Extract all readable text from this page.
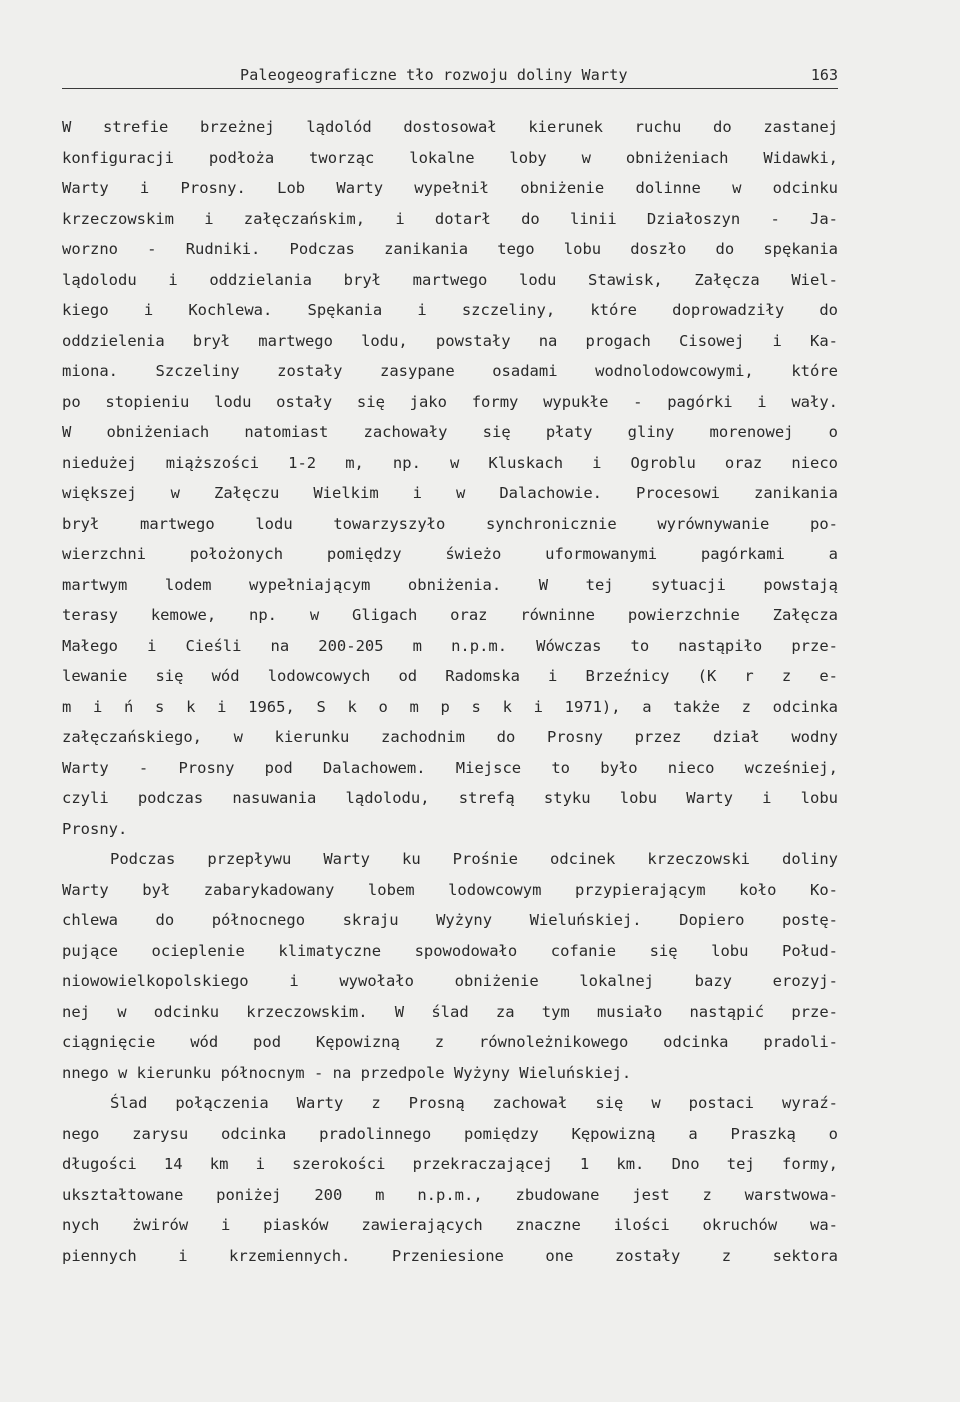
Paleogeograficzne tło rozwoju doliny Warty	163
W strefie brzeżnej lądolód dostosował kierunek ruchu do zastanej
konfiguracji podłoża tworząc lokalne loby w obniżeniach Widawki,
Warty i Prosny. Lob Warty wypełnił obniżenie dolinne w odcinku
krzeczowskim i załęczańskim, i dotarł do linii Działoszyn - Ja-
worzno - Rudniki. Podczas zanikania tego lobu doszło do spękania
lądolodu i oddzielania brył martwego lodu Stawisk, Załęcza Wiel-
kiego i Kochlewa. Spękania i szczeliny, które doprowadziły do
oddzielenia brył martwego lodu, powstały na progach Cisowej i Ka-
miona. Szczeliny zostały zasypane osadami wodnolodowcowymi, które
po stopieniu lodu ostały się jako formy wypukłe - pagórki i wały.
W obniżeniach natomiast zachowały się płaty gliny morenowej o
niedużej miąższości 1-2 m, np. w Kluskach i Ogroblu oraz nieco
większej w Załęczu Wielkim i w Dalachowie. Procesowi zanikania
brył martwego lodu towarzyszyło synchronicznie wyrównywanie po-
wierzchni położonych pomiędzy świeżo uformowanymi pagórkami a
martwym lodem wypełniającym obniżenia. W tej sytuacji powstają
terasy kemowe, np. w Gligach oraz równinne powierzchnie Załęcza
Małego i Cieśli na 200-205 m n.p.m. Wówczas to nastąpiło prze-
lewanie się wód lodowcowych od Radomska i Brzeźnicy (K r z e-
m i ń s k i 1965, S k o m p s k i 1971), a także z odcinka
załęczańskiego, w kierunku zachodnim do Prosny przez dział wodny
Warty - Prosny pod Dalachowem. Miejsce to było nieco wcześniej,
czyli podczas nasuwania lądolodu, strefą styku lobu Warty i lobu
Prosny.
Podczas przepływu Warty ku Prośnie odcinek krzeczowski doliny
Warty był zabarykadowany lobem lodowcowym przypierającym koło Ko-
chlewa do północnego skraju Wyżyny Wieluńskiej. Dopiero postę-
pujące ocieplenie klimatyczne spowodowało cofanie się lobu Połud-
niowowielkopolskiego i wywołało obniżenie lokalnej bazy erozyj-
nej w odcinku krzeczowskim. W ślad za tym musiało nastąpić prze-
ciągnięcie wód pod Kępowizną z równoleżnikowego odcinka pradoli-
nnego w kierunku północnym - na przedpole Wyżyny Wieluńskiej.
Ślad połączenia Warty z Prosną zachował się w postaci wyraź-
nego zarysu odcinka pradolinnego pomiędzy Kępowizną a Praszką o
długości 14 km i szerokości przekraczającej 1 km. Dno tej formy,
ukształtowane poniżej 200 m n.p.m., zbudowane jest z warstwowa-
nych żwirów i piasków zawierających znaczne ilości okruchów wa-
piennych i krzemiennych. Przeniesione one zostały z sektora
